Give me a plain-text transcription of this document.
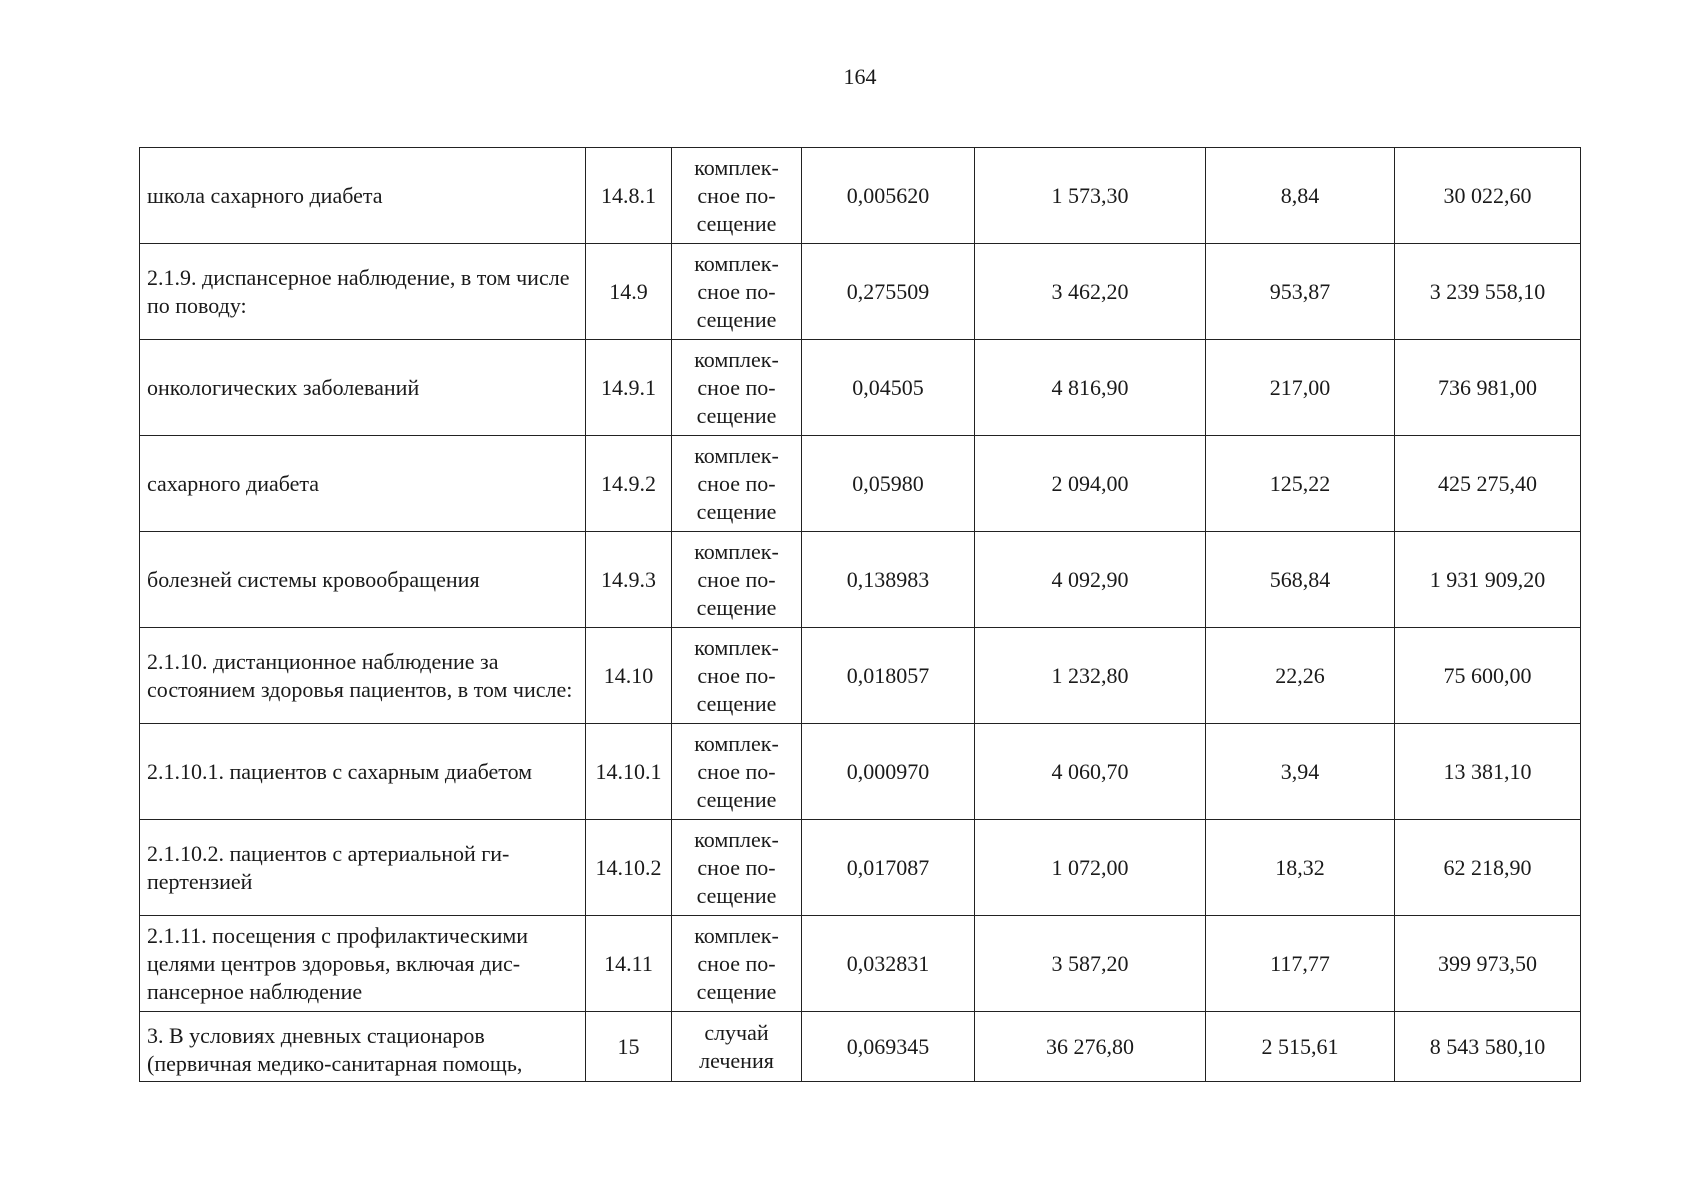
164
школа сахарного диабета	14.8.1	комплек-сное по-сещение	0,005620	1 573,30	8,84	30 022,60

2.1.9. диспансерное наблюдение, в том числе по поводу:	14.9	комплек-сное по-сещение	0,275509	3 462,20	953,87	3 239 558,10

онкологических заболеваний	14.9.1	комплек-сное по-сещение	0,04505	4 816,90	217,00	736 981,00

сахарного диабета	14.9.2	комплек-сное по-сещение	0,05980	2 094,00	125,22	425 275,40

болезней системы кровообращения	14.9.3	комплек-сное по-сещение	0,138983	4 092,90	568,84	1 931 909,20

2.1.10. дистанционное наблюдение за состоянием здоровья пациентов, в том числе:	14.10	комплек-сное по-сещение	0,018057	1 232,80	22,26	75 600,00

2.1.10.1. пациентов с сахарным диабетом	14.10.1	комплек-сное по-сещение	0,000970	4 060,70	3,94	13 381,10

2.1.10.2. пациентов с артериальной ги-пертензией	14.10.2	комплек-сное по-сещение	0,017087	1 072,00	18,32	62 218,90

2.1.11. посещения с профилактическими целями центров здоровья, включая дис-пансерное наблюдение	14.11	комплек-сное по-сещение	0,032831	3 587,20	117,77	399 973,50

3. В условиях дневных стационаров (первичная медико-санитарная помощь,	15	случай лечения	0,069345	36 276,80	2 515,61	8 543 580,10
